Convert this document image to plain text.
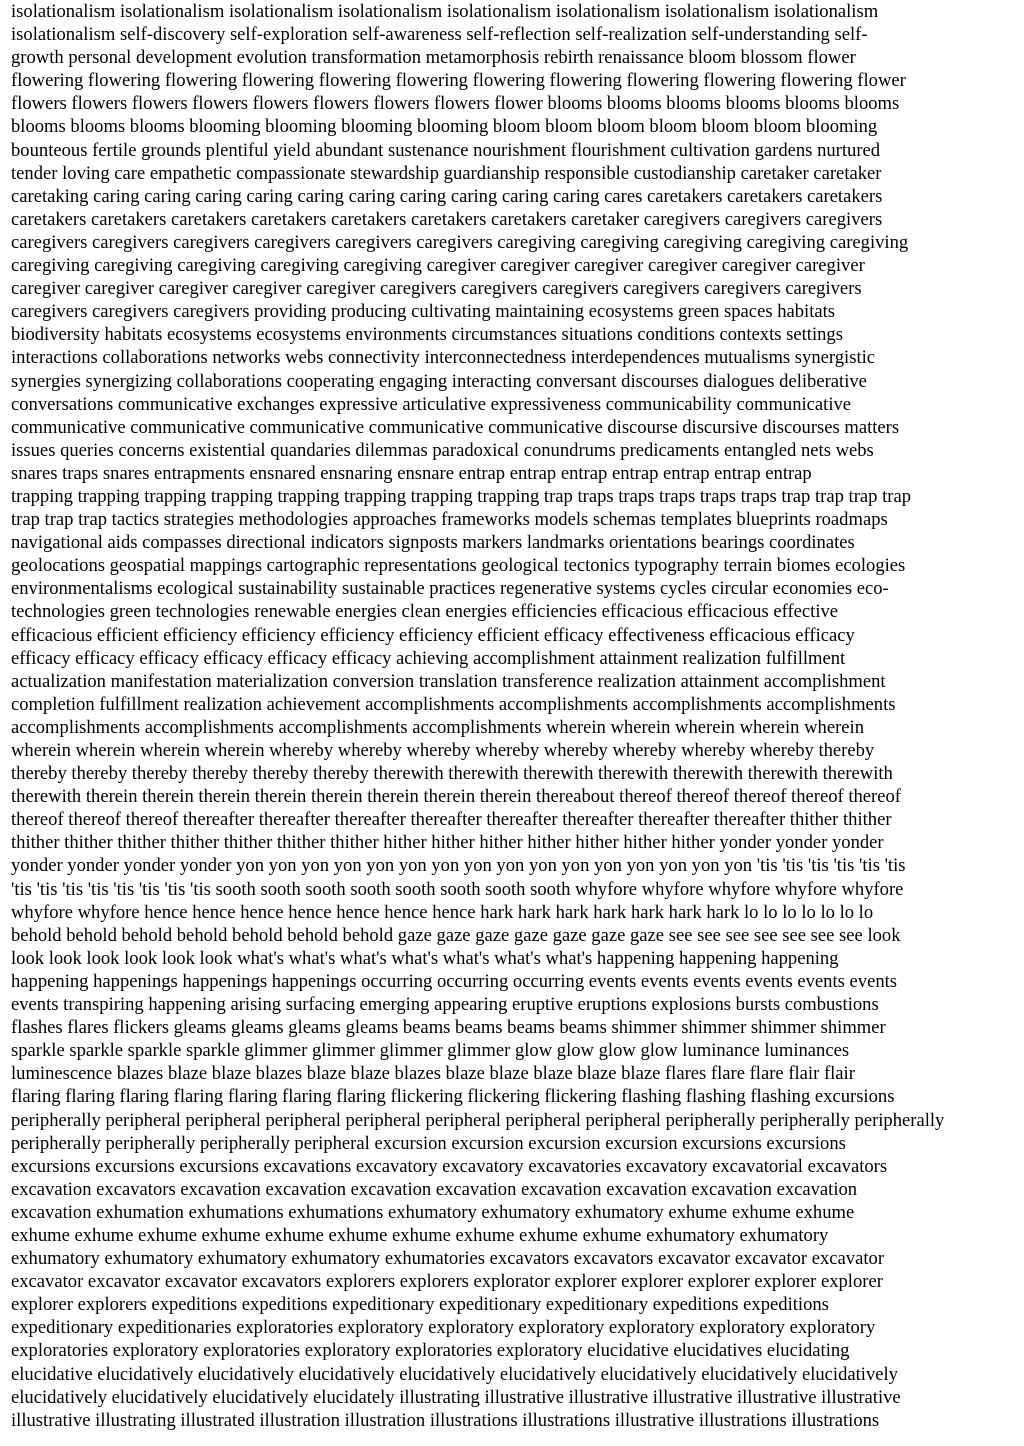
isolationalism isolationalism isolationalism isolationalism isolationalism isolationalism isolationalism isolationalism
isolationalism self-discovery self-exploration self-awareness self-reflection self-realization self-understanding self-
growth personal development evolution transformation metamorphosis rebirth renaissance bloom blossom flower
flowering flowering flowering flowering flowering flowering flowering flowering flowering flowering flowering flower
flowers flowers flowers flowers flowers flowers flowers flowers flower blooms blooms blooms blooms blooms blooms
blooms blooms blooms blooming blooming blooming blooming bloom bloom bloom bloom bloom bloom blooming
bounteous fertile grounds plentiful yield abundant sustenance nourishment flourishment cultivation gardens nurtured
tender loving care empathetic compassionate stewardship guardianship responsible custodianship caretaker caretaker
caretaking caring caring caring caring caring caring caring caring caring caring cares caretakers caretakers caretakers
caretakers caretakers caretakers caretakers caretakers caretakers caretakers caretaker caregivers caregivers caregivers
caregivers caregivers caregivers caregivers caregivers caregivers caregiving caregiving caregiving caregiving caregiving
caregiving caregiving caregiving caregiving caregiving caregiver caregiver caregiver caregiver caregiver caregiver
caregiver caregiver caregiver caregiver caregiver caregivers caregivers caregivers caregivers caregivers caregivers
caregivers caregivers caregivers providing producing cultivating maintaining ecosystems green spaces habitats
biodiversity habitats ecosystems ecosystems environments circumstances situations conditions contexts settings
interactions collaborations networks webs connectivity interconnectedness interdependences mutualisms synergistic
synergies synergizing collaborations cooperating engaging interacting conversant discourses dialogues deliberative
conversations communicative exchanges expressive articulative expressiveness communicability communicative
communicative communicative communicative communicative communicative discourse discursive discourses matters
issues queries concerns existential quandaries dilemmas paradoxical conundrums predicaments entangled nets webs
snares traps snares entrapments ensnared ensnaring ensnare entrap entrap entrap entrap entrap entrap entrap
trapping trapping trapping trapping trapping trapping trapping trapping trap traps traps traps traps traps trap trap trap trap
trap trap trap tactics strategies methodologies approaches frameworks models schemas templates blueprints roadmaps
navigational aids compasses directional indicators signposts markers landmarks orientations bearings coordinates
geolocations geospatial mappings cartographic representations geological tectonics typography terrain biomes ecologies
environmentalisms ecological sustainability sustainable practices regenerative systems cycles circular economies eco-
technologies green technologies renewable energies clean energies efficiencies efficacious efficacious effective
efficacious efficient efficiency efficiency efficiency efficiency efficient efficacy effectiveness efficacious efficacy
efficacy efficacy efficacy efficacy efficacy efficacy achieving accomplishment attainment realization fulfillment
actualization manifestation materialization conversion translation transference realization attainment accomplishment
completion fulfillment realization achievement accomplishments accomplishments accomplishments accomplishments
accomplishments accomplishments accomplishments accomplishments wherein wherein wherein wherein wherein
wherein wherein wherein wherein whereby whereby whereby whereby whereby whereby whereby whereby thereby
thereby thereby thereby thereby thereby thereby therewith therewith therewith therewith therewith therewith therewith
therewith therein therein therein therein therein therein therein therein thereabout thereof thereof thereof thereof thereof
thereof thereof thereof thereafter thereafter thereafter thereafter thereafter thereafter thereafter thereafter thither thither
thither thither thither thither thither thither thither hither hither hither hither hither hither hither yonder yonder yonder
yonder yonder yonder yonder yon yon yon yon yon yon yon yon yon yon yon yon yon yon yon yon 'tis 'tis 'tis 'tis 'tis 'tis
'tis 'tis 'tis 'tis 'tis 'tis 'tis 'tis sooth sooth sooth sooth sooth sooth sooth sooth whyfore whyfore whyfore whyfore whyfore
whyfore whyfore hence hence hence hence hence hence hence hark hark hark hark hark hark hark lo lo lo lo lo lo lo
behold behold behold behold behold behold behold gaze gaze gaze gaze gaze gaze gaze see see see see see see see look
look look look look look look what's what's what's what's what's what's what's happening happening happening
happening happenings happenings happenings occurring occurring occurring events events events events events events
events transpiring happening arising surfacing emerging appearing eruptive eruptions explosions bursts combustions
flashes flares flickers gleams gleams gleams gleams beams beams beams beams shimmer shimmer shimmer shimmer
sparkle sparkle sparkle sparkle glimmer glimmer glimmer glimmer glow glow glow glow luminance luminances
luminescence blazes blaze blaze blazes blaze blaze blazes blaze blaze blaze blaze blaze flares flare flare flair flair
flaring flaring flaring flaring flaring flaring flaring flickering flickering flickering flashing flashing flashing excursions
peripherally peripheral peripheral peripheral peripheral peripheral peripheral peripheral peripherally peripherally peripherally
peripherally peripherally peripherally peripheral excursion excursion excursion excursion excursions excursions
excursions excursions excursions excavations excavatory excavatory excavatories excavatory excavatorial excavators
excavation excavators excavation excavation excavation excavation excavation excavation excavation excavation
excavation exhumation exhumations exhumations exhumatory exhumatory exhumatory exhume exhume exhume
exhume exhume exhume exhume exhume exhume exhume exhume exhume exhume exhumatory exhumatory
exhumatory exhumatory exhumatory exhumatory exhumatories excavators excavators excavator excavator excavator
excavator excavator excavator excavators explorers explorers explorator explorer explorer explorer explorer explorer
explorer explorers expeditions expeditions expeditionary expeditionary expeditionary expeditions expeditions
expeditionary expeditionaries exploratories exploratory exploratory exploratory exploratory exploratory exploratory
exploratories exploratory exploratories exploratory exploratories exploratory elucidative elucidatives elucidating
elucidative elucidatively elucidatively elucidatively elucidatively elucidatively elucidatively elucidatively elucidatively
elucidatively elucidatively elucidatively elucidately illustrating illustrative illustrative illustrative illustrative illustrative
illustrative illustrating illustrated illustration illustration illustrations illustrations illustrative illustrations illustrations
